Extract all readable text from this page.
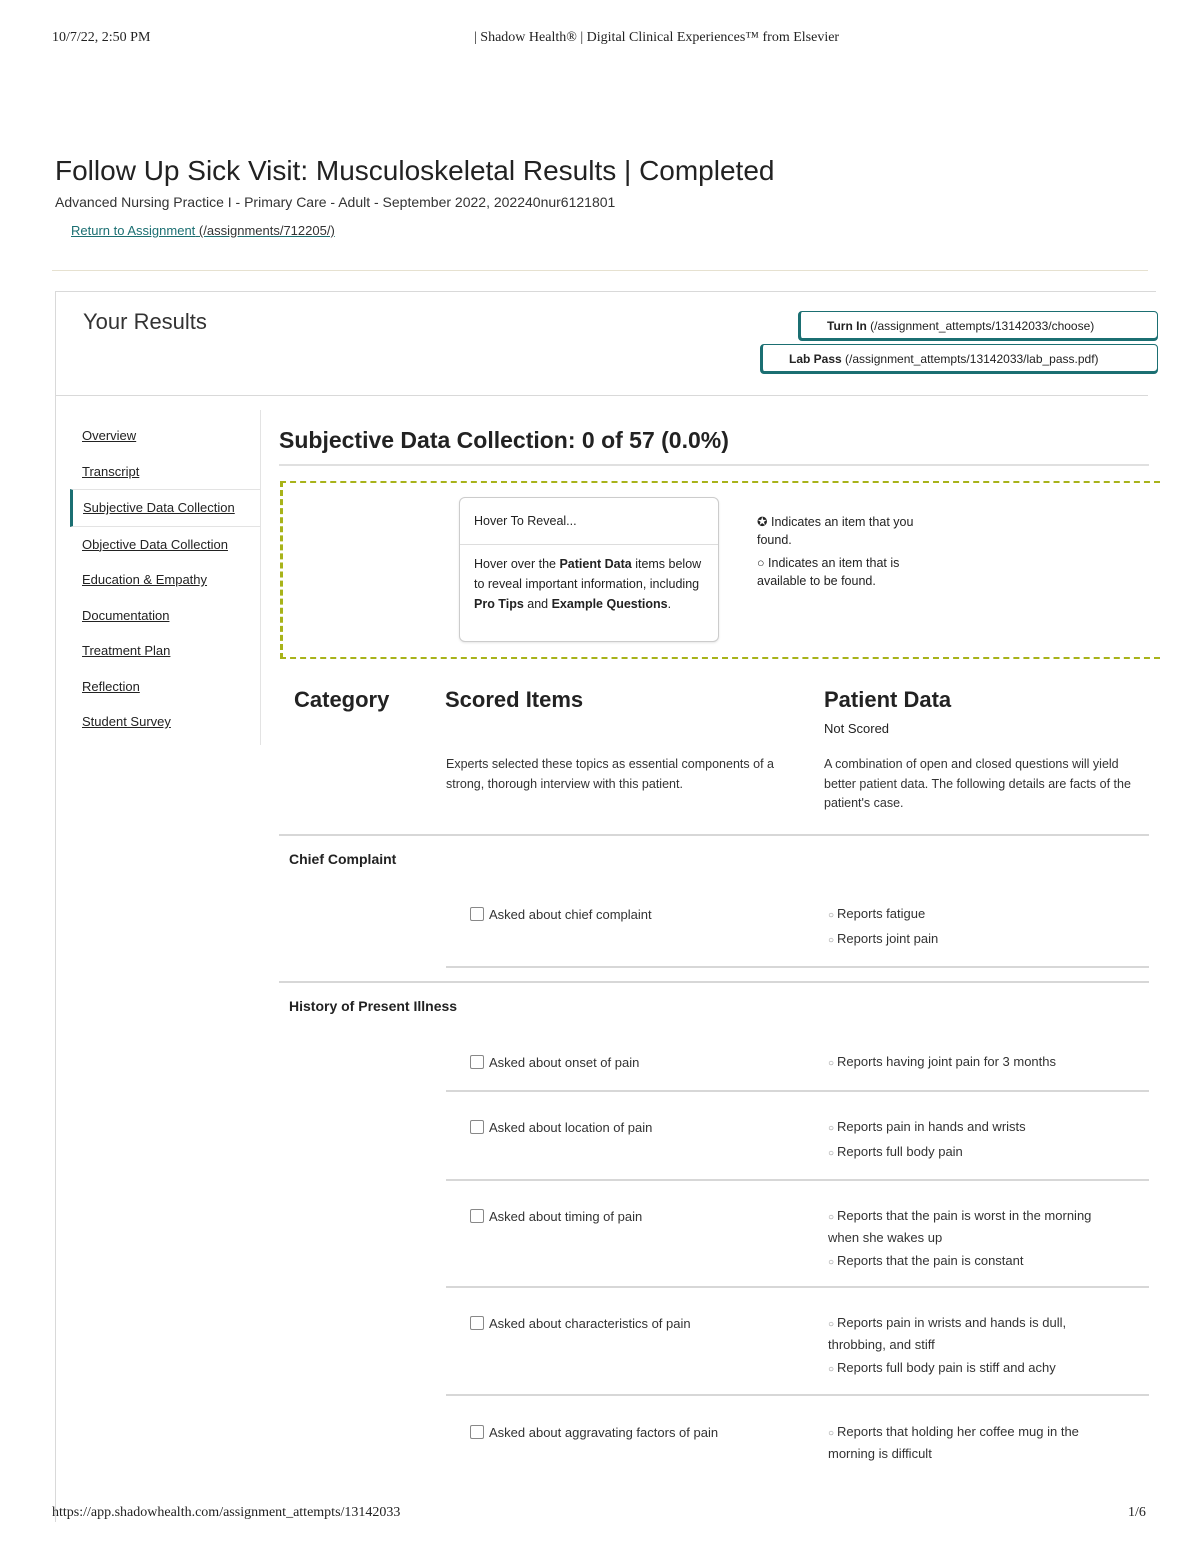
10/7/22, 2:50 PM	| Shadow Health® | Digital Clinical Experiences™ from Elsevier
Follow Up Sick Visit: Musculoskeletal Results | Completed
Advanced Nursing Practice I - Primary Care - Adult - September 2022, 202240nur6121801
Return to Assignment (/assignments/712205/)
Your Results	Turn In (/assignment_attempts/13142033/choose)
Lab Pass (/assignment_attempts/13142033/lab_pass.pdf)
Overview
Transcript
Subjective Data Collection
Objective Data Collection
Education & Empathy
Documentation
Treatment Plan
Reflection
Student Survey
Subjective Data Collection: 0 of 57 (0.0%)
Hover To Reveal...
Hover over the Patient Data items below to reveal important information, including Pro Tips and Example Questions.

✪ Indicates an item that you found.

○ Indicates an item that is available to be found.

Category	Scored Items	Patient Data
Not Scored
Experts selected these topics as essential components of a strong, thorough interview with this patient.
A combination of open and closed questions will yield better patient data. The following details are facts of the patient's case.
Chief Complaint
Asked about chief complaint	○ Reports fatigue

○ Reports joint pain

History of Present Illness
Asked about onset of pain	○ Reports having joint pain for 3 months

Asked about location of pain	○ Reports pain in hands and wrists

○ Reports full body pain

Asked about timing of pain	○ Reports that the pain is worst in the morning when she wakes up

○ Reports that the pain is constant

Asked about characteristics of pain	○ Reports pain in wrists and hands is dull, throbbing, and stiff

○ Reports full body pain is stiff and achy

Asked about aggravating factors of pain	○ Reports that holding her coffee mug in the morning is difficult

https://app.shadowhealth.com/assignment_attempts/13142033	1/6
